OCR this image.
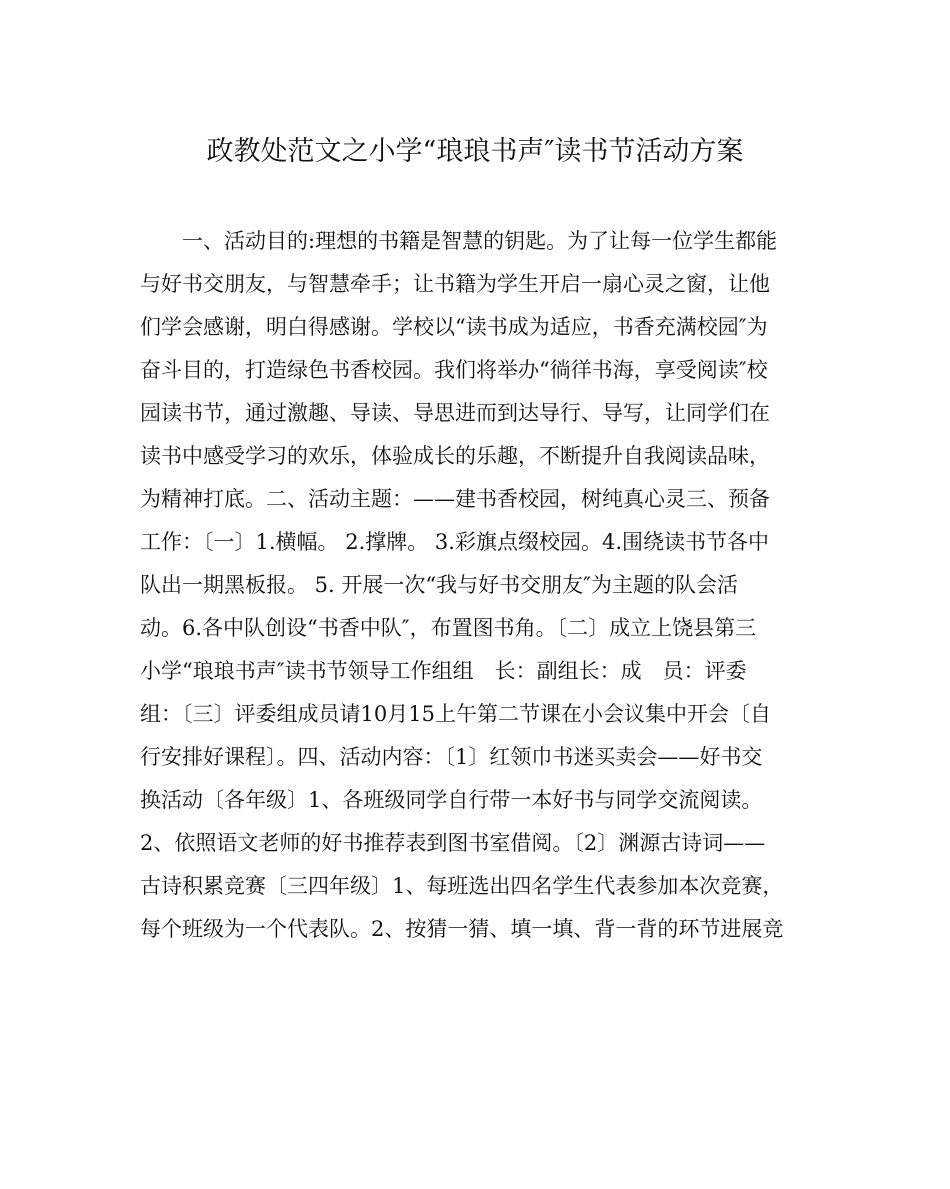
政教处范文之小学“琅琅书声″读书节活动方案
　　一、活动目的:理想的书籍是智慧的钥匙。为了让每一位学生都能
与好书交朋友，与智慧牵手；让书籍为学生开启一扇心灵之窗，让他
们学会感谢，明白得感谢。学校以“读书成为适应，书香充满校园″为
奋斗目的，打造绿色书香校园。我们将举办“徜徉书海，享受阅读″校
园读书节，通过激趣、导读、导思进而到达导行、导写，让同学们在
读书中感受学习的欢乐，体验成长的乐趣，不断提升自我阅读品味，
为精神打底。二、活动主题：——建书香校园，树纯真心灵三、预备
工作：〔一〕1.横幅。 2.撑牌。 3.彩旗点缀校园。4.围绕读书节各中
队出一期黑板报。 5. 开展一次“我与好书交朋友″为主题的队会活
动。6.各中队创设“书香中队″，布置图书角。〔二〕成立上饶县第三
小学“琅琅书声″读书节领导工作组组　长：副组长：成　员：评委
组：〔三〕评委组成员请10月15上午第二节课在小会议集中开会〔自
行安排好课程〕。四、活动内容：〔1〕红领巾书迷买卖会——好书交
换活动〔各年级〕1、各班级同学自行带一本好书与同学交流阅读。
2、依照语文老师的好书推荐表到图书室借阅。〔2〕渊源古诗词——
古诗积累竞赛〔三四年级〕1、每班选出四名学生代表参加本次竞赛，
每个班级为一个代表队。2、按猜一猜、填一填、背一背的环节进展竞
